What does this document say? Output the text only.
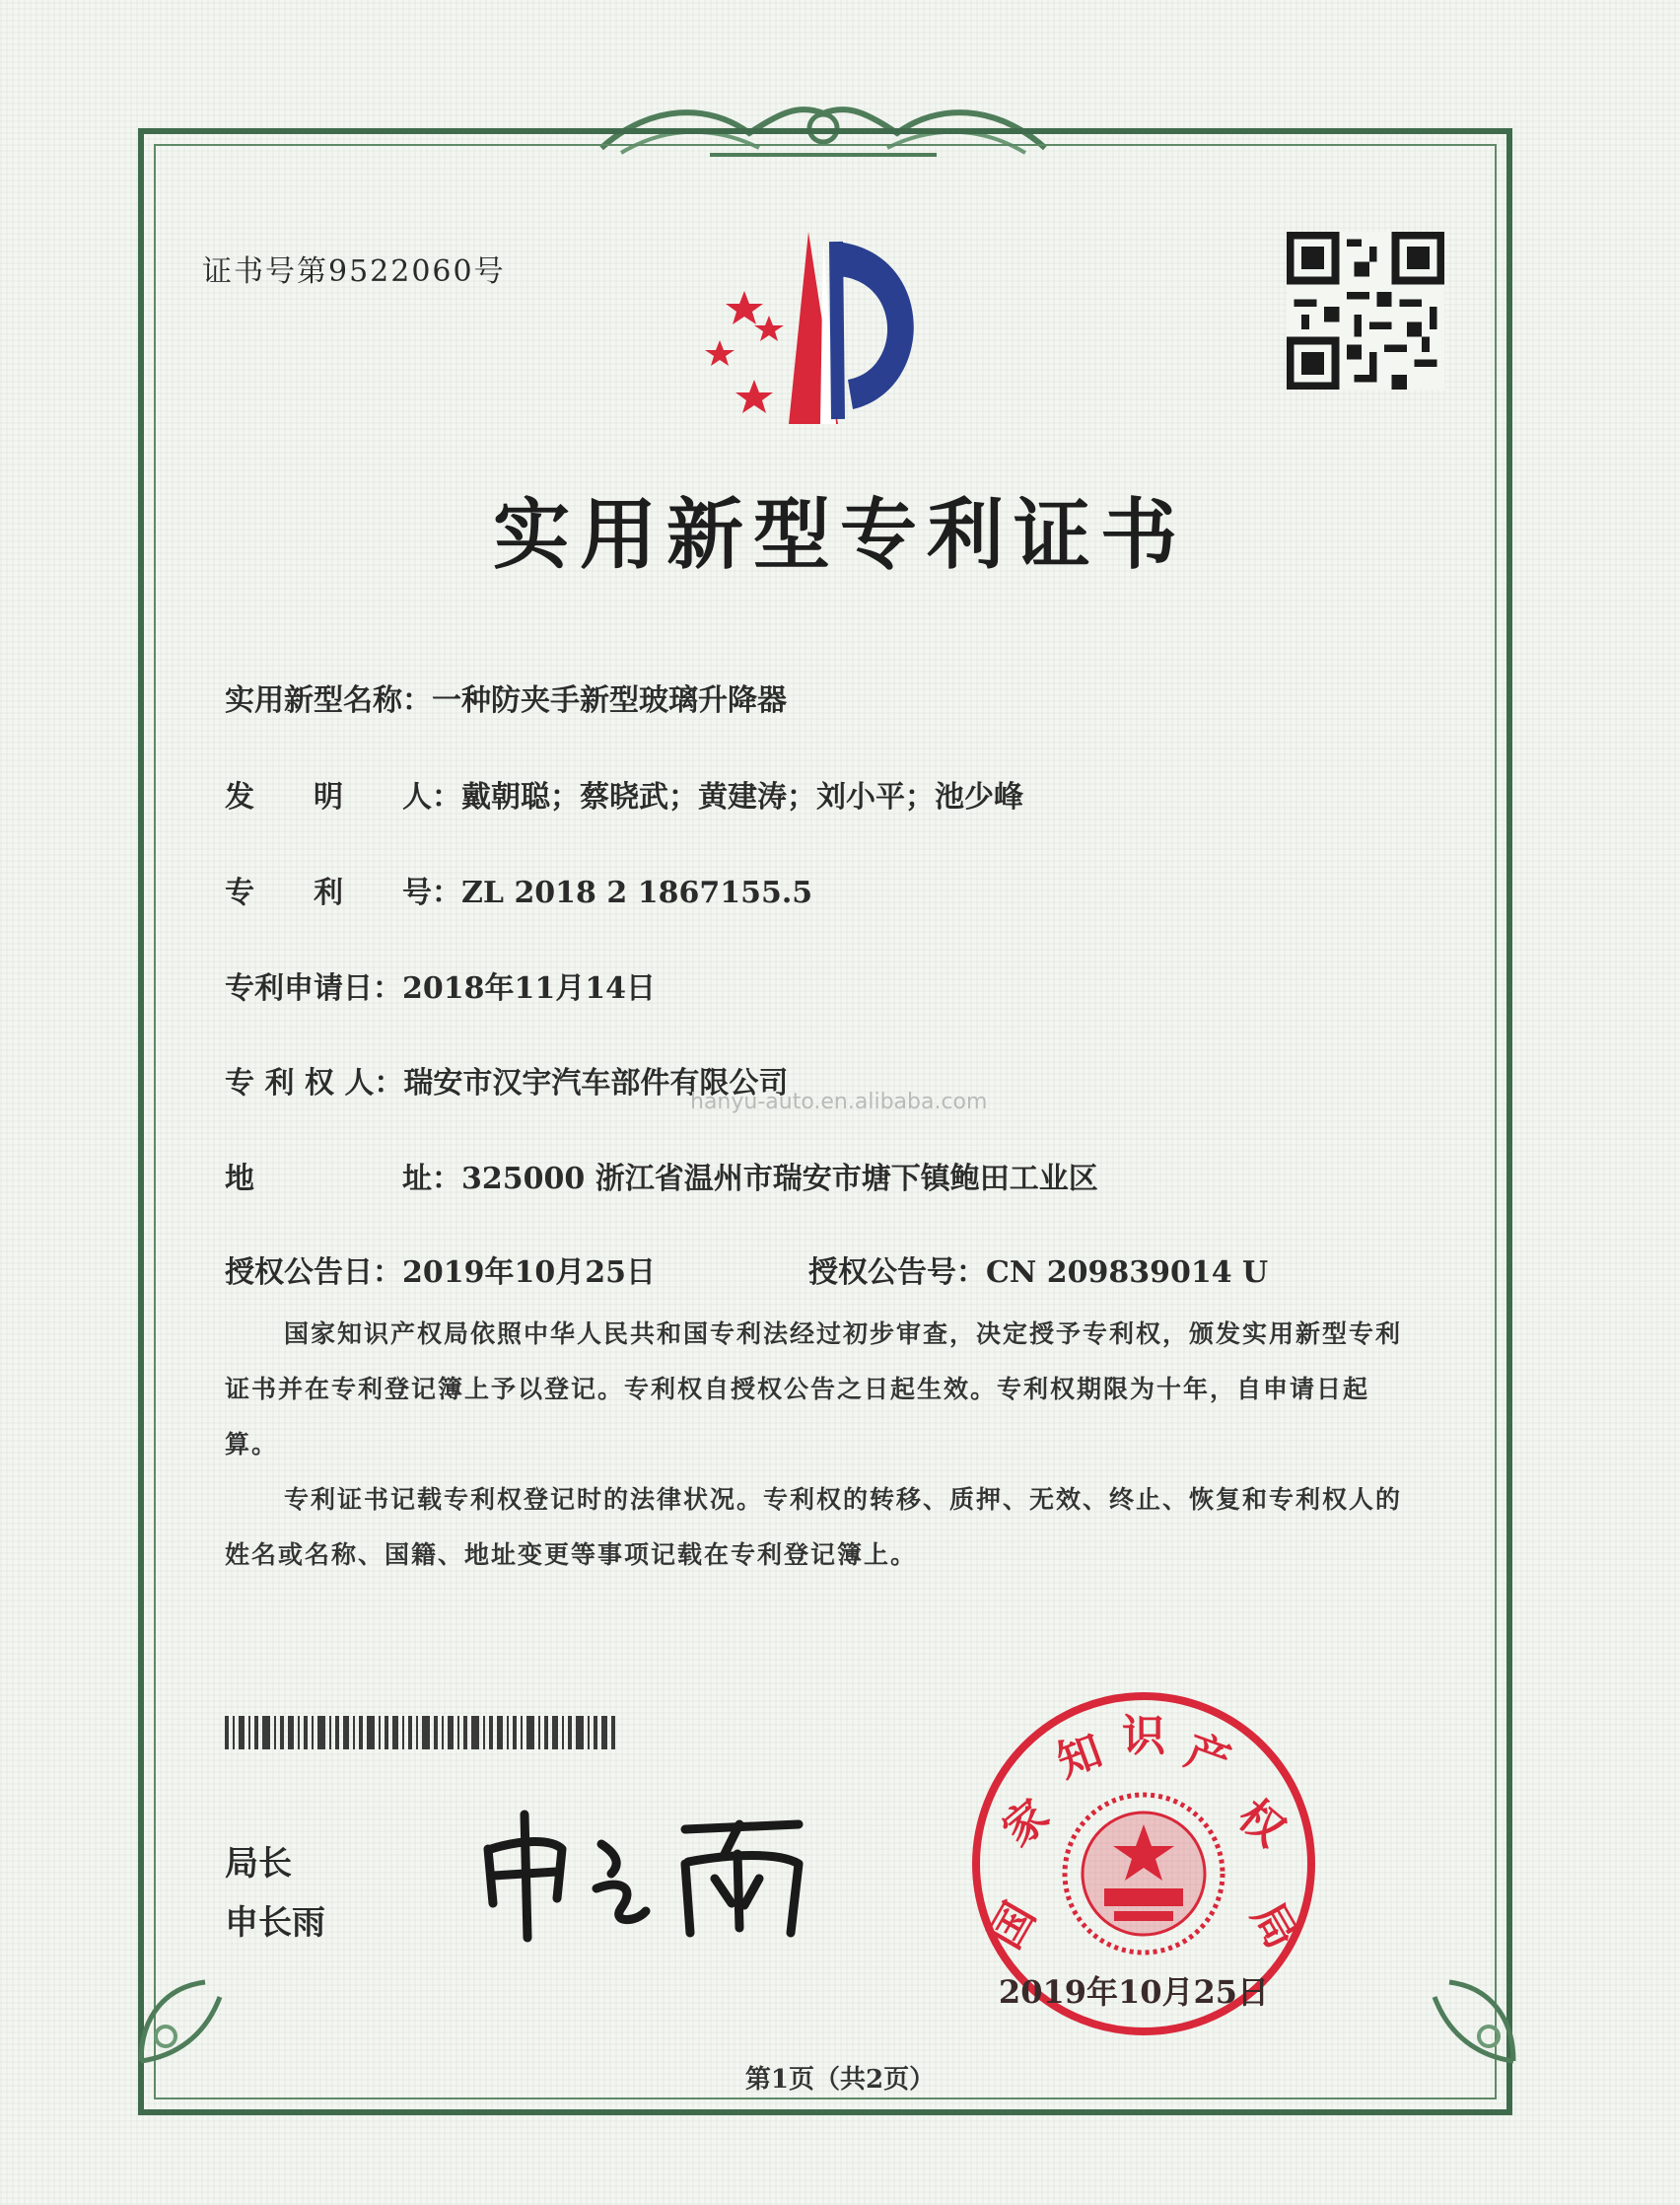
证书号第9522060号
实用新型专利证书
实用新型名称：一种防夹手新型玻璃升降器
发　　明　　人：戴朝聪；蔡晓武；黄建涛；刘小平；池少峰
专　　利　　号：ZL 2018 2 1867155.5
专利申请日：2018年11月14日
专 利 权 人：瑞安市汉宇汽车部件有限公司
地　　　　　址：325000 浙江省温州市瑞安市塘下镇鲍田工业区
授权公告日：2019年10月25日	授权公告号：CN 209839014 U
hanyu-auto.en.alibaba.com

国家知识产权局依照中华人民共和国专利法经过初步审查，决定授予专利权，颁发实用新型专利证书并在专利登记簿上予以登记。专利权自授权公告之日起生效。专利权期限为十年，自申请日起算。

专利证书记载专利权登记时的法律状况。专利权的转移、质押、无效、终止、恢复和专利权人的姓名或名称、国籍、地址变更等事项记载在专利登记簿上。

局长
申长雨	国
家
知 识 产
权
局
2019年10月25日
第1页（共2页）
